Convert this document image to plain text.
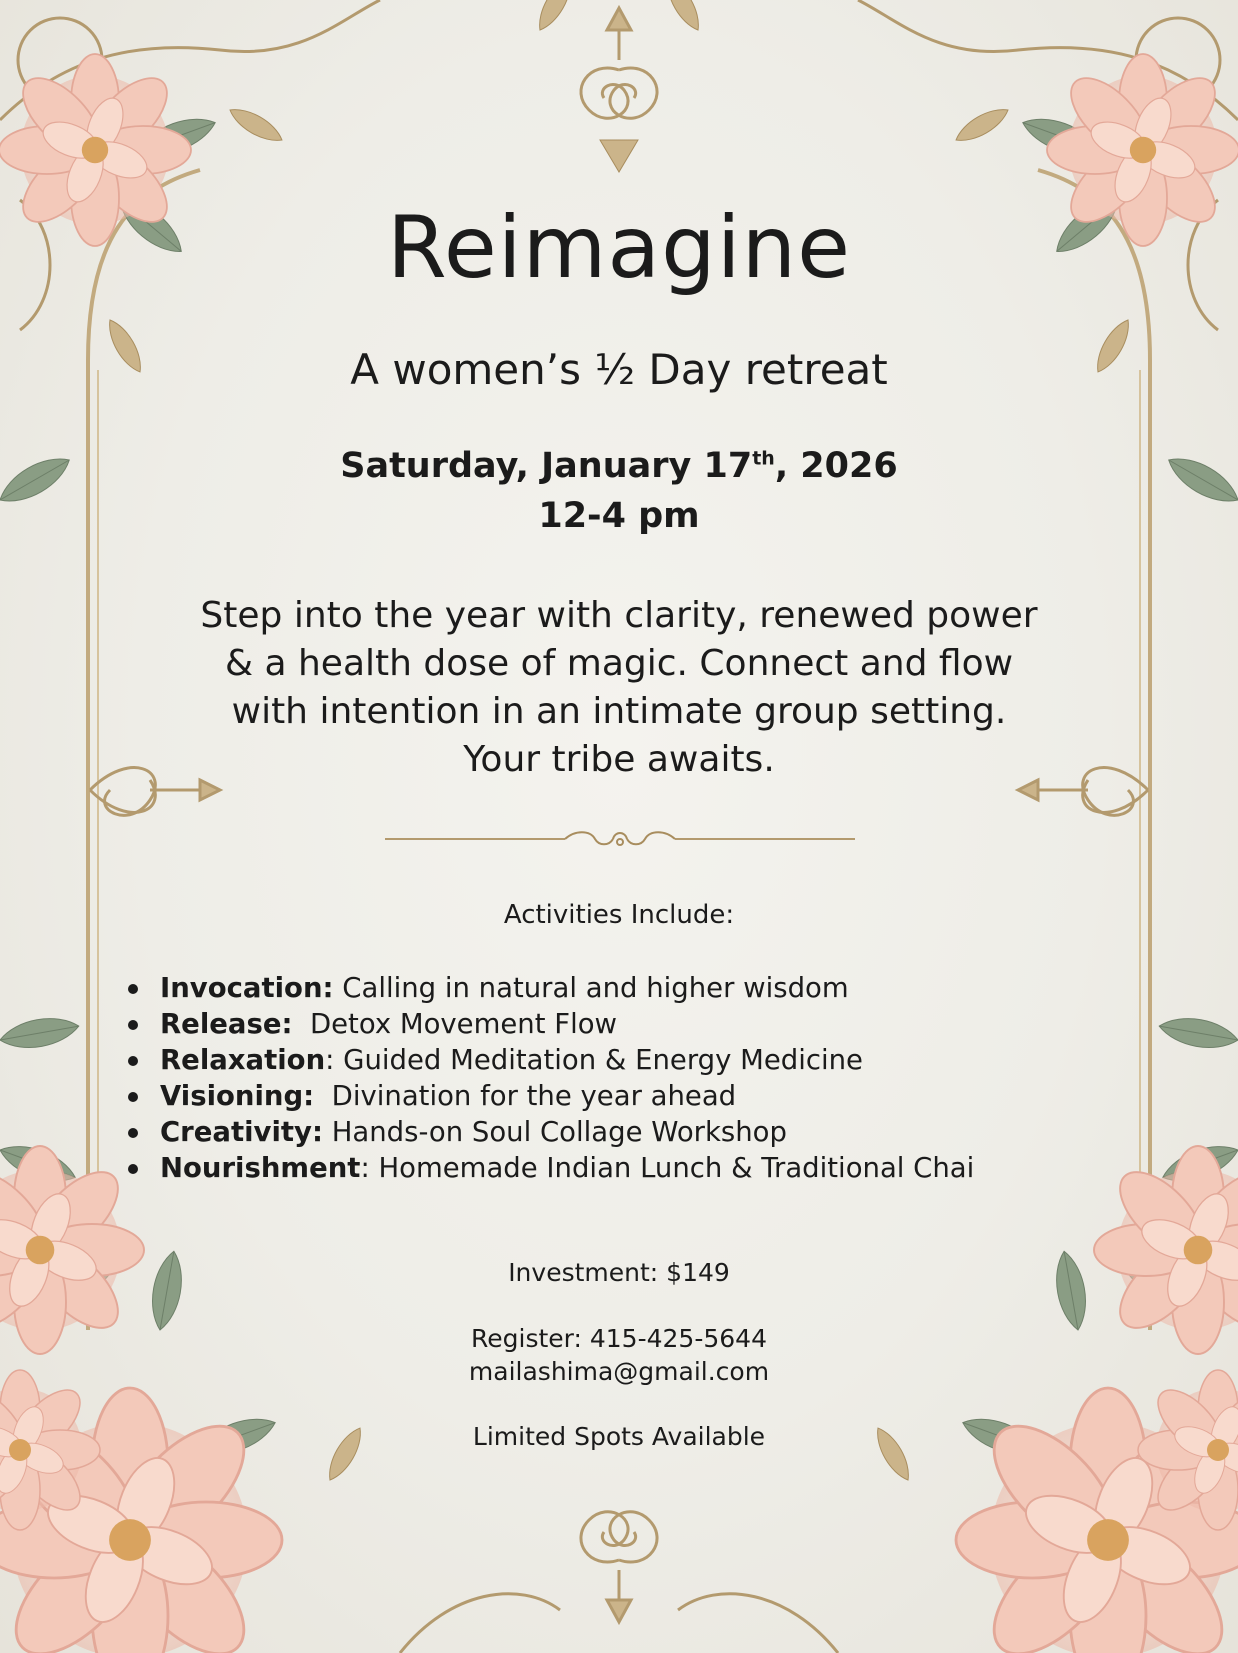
Reimagine
A women’s ½ Day retreat
Saturday, January 17th, 2026
12-4 pm
Step into the year with clarity, renewed power
& a health dose of magic. Connect and flow
with intention in an intimate group setting.
Your tribe awaits.
Activities Include:
Invocation: Calling in natural and higher wisdom
Release:  Detox Movement Flow
Relaxation: Guided Meditation & Energy Medicine
Visioning:  Divination for the year ahead
Creativity: Hands-on Soul Collage Workshop
Nourishment: Homemade Indian Lunch & Traditional Chai
Investment: $149
Register: 415-425-5644
mailashima@gmail.com
Limited Spots Available
